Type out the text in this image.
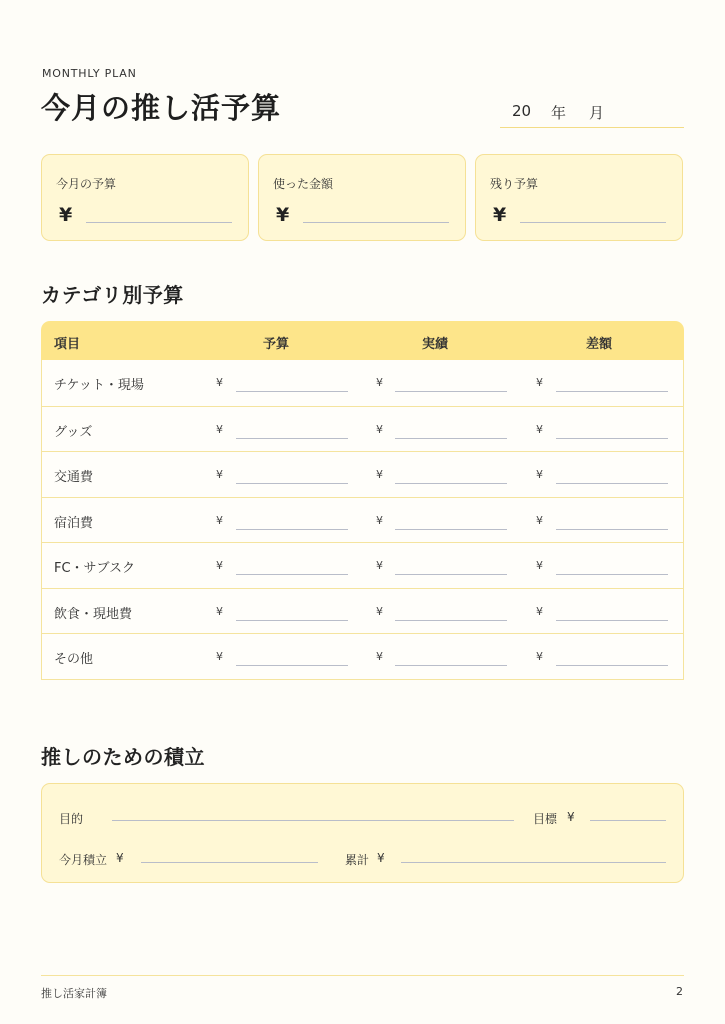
MONTHLY PLAN
今月の推し活予算	20 年 月
今月の予算
¥
使った金額
¥
残り予算
¥
カテゴリ別予算
項目	予算	実績	差額
チケット・現場	¥	¥	¥
グッズ	¥	¥	¥
交通費	¥	¥	¥
宿泊費	¥	¥	¥
FC・サブスク	¥	¥	¥
飲食・現地費	¥	¥	¥
その他	¥	¥	¥
推しのための積立
目的	目標 ¥
今月積立 ¥	累計 ¥
推し活家計簿	2
